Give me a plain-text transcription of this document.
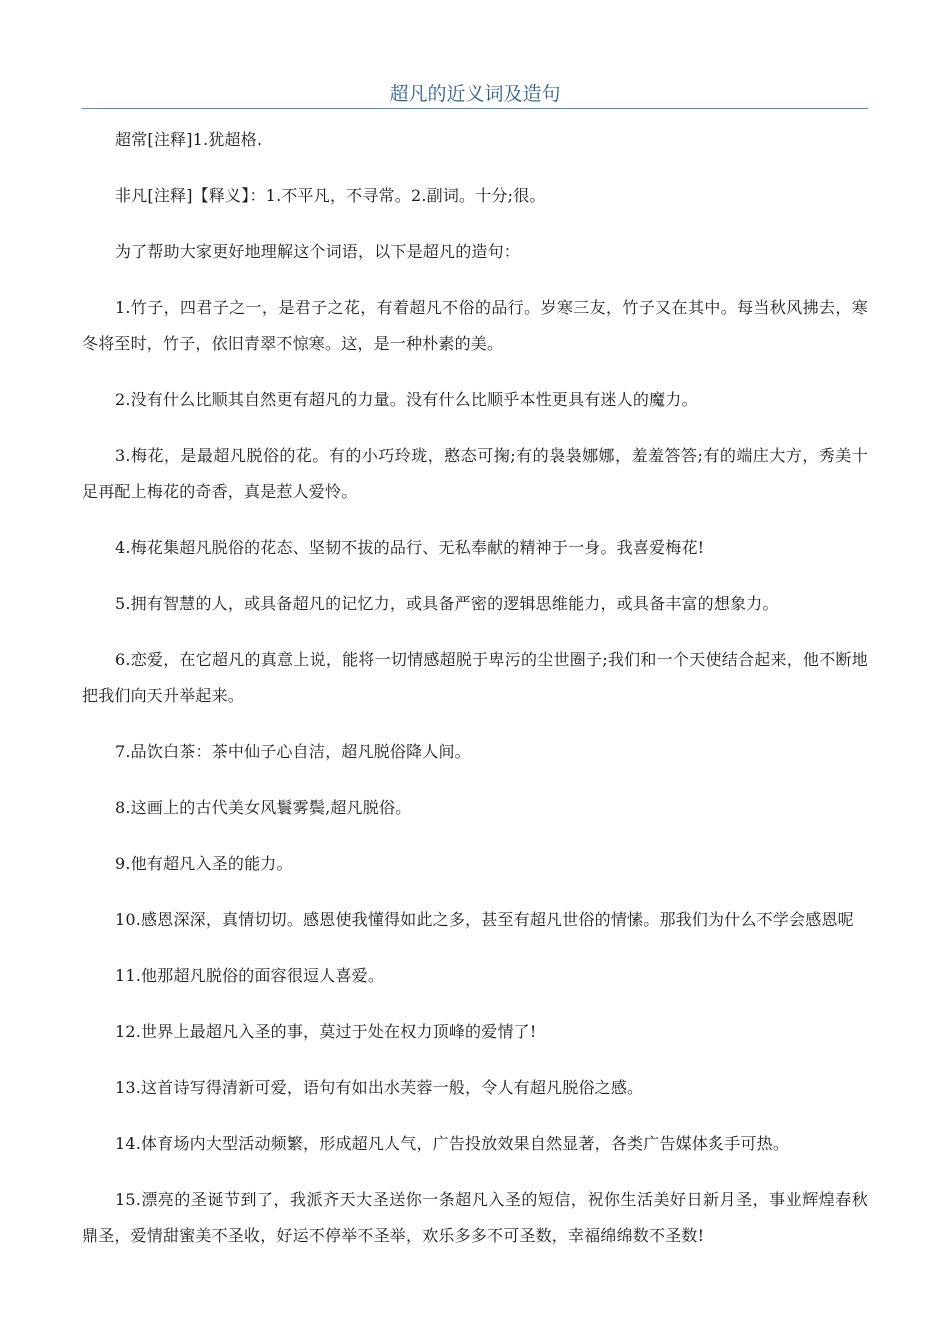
超凡的近义词及造句

超常[注释]1.犹超格.

非凡[注释]【释义】：1.不平凡，不寻常。2.副词。十分;很。

为了帮助大家更好地理解这个词语，以下是超凡的造句：

1.竹子，四君子之一，是君子之花，有着超凡不俗的品行。岁寒三友，竹子又在其中。每当秋风拂去，寒冬将至时，竹子，依旧青翠不惊寒。这，是一种朴素的美。

2.没有什么比顺其自然更有超凡的力量。没有什么比顺乎本性更具有迷人的魔力。

3.梅花，是最超凡脱俗的花。有的小巧玲珑，憨态可掬;有的袅袅娜娜，羞羞答答;有的端庄大方，秀美十足再配上梅花的奇香，真是惹人爱怜。

4.梅花集超凡脱俗的花态、坚韧不拔的品行、无私奉献的精神于一身。我喜爱梅花!

5.拥有智慧的人，或具备超凡的记忆力，或具备严密的逻辑思维能力，或具备丰富的想象力。

6.恋爱，在它超凡的真意上说，能将一切情感超脱于卑污的尘世圈子;我们和一个天使结合起来，他不断地把我们向天升举起来。

7.品饮白茶：茶中仙子心自洁，超凡脱俗降人间。

8.这画上的古代美女风鬟雾鬓,超凡脱俗。

9.他有超凡入圣的能力。

10.感恩深深，真情切切。感恩使我懂得如此之多，甚至有超凡世俗的情愫。那我们为什么不学会感恩呢

11.他那超凡脱俗的面容很逗人喜爱。

12.世界上最超凡入圣的事，莫过于处在权力顶峰的爱情了!

13.这首诗写得清新可爱，语句有如出水芙蓉一般，令人有超凡脱俗之感。

14.体育场内大型活动频繁，形成超凡人气，广告投放效果自然显著，各类广告媒体炙手可热。

15.漂亮的圣诞节到了，我派齐天大圣送你一条超凡入圣的短信，祝你生活美好日新月圣，事业辉煌春秋鼎圣，爱情甜蜜美不圣收，好运不停举不圣举，欢乐多多不可圣数，幸福绵绵数不圣数!
